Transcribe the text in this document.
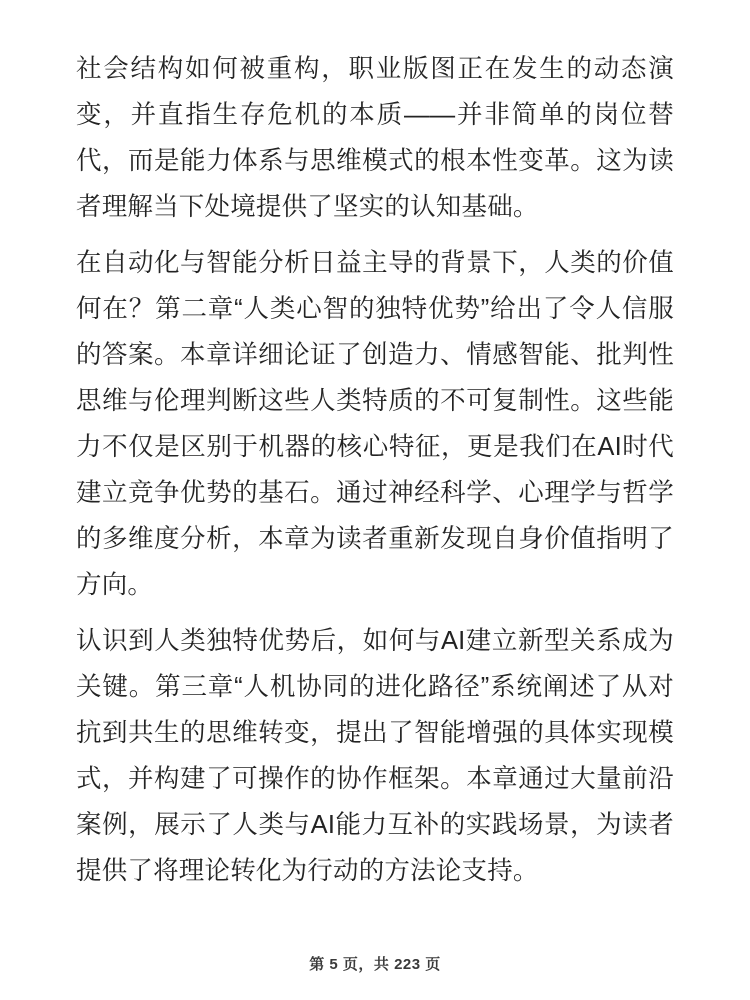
社会结构如何被重构，职业版图正在发生的动态演变，并直指生存危机的本质——并非简单的岗位替代，而是能力体系与思维模式的根本性变革。这为读者理解当下处境提供了坚实的认知基础。

在自动化与智能分析日益主导的背景下，人类的价值何在？第二章“人类心智的独特优势”给出了令人信服的答案。本章详细论证了创造力、情感智能、批判性思维与伦理判断这些人类特质的不可复制性。这些能力不仅是区别于机器的核心特征，更是我们在AI时代建立竞争优势的基石。通过神经科学、心理学与哲学的多维度分析，本章为读者重新发现自身价值指明了方向。

认识到人类独特优势后，如何与AI建立新型关系成为关键。第三章“人机协同的进化路径”系统阐述了从对抗到共生的思维转变，提出了智能增强的具体实现模式，并构建了可操作的协作框架。本章通过大量前沿案例，展示了人类与AI能力互补的实践场景，为读者提供了将理论转化为行动的方法论支持。

第 5 页，共 223 页
